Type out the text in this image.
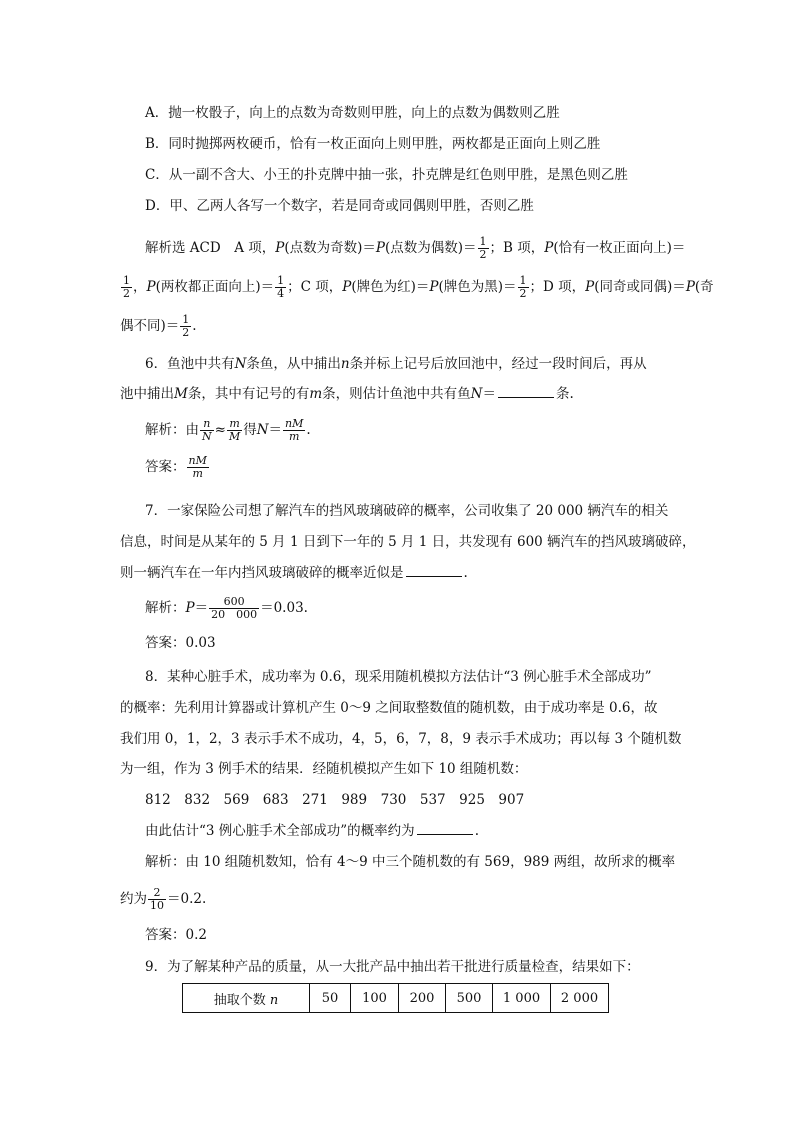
A．抛一枚骰子，向上的点数为奇数则甲胜，向上的点数为偶数则乙胜
B．同时抛掷两枚硬币，恰有一枚正面向上则甲胜，两枚都是正面向上则乙胜
C．从一副不含大、小王的扑克牌中抽一张，扑克牌是红色则甲胜，是黑色则乙胜
D．甲、乙两人各写一个数字，若是同奇或同偶则甲胜，否则乙胜
解析选 ACD　A 项，P(点数为奇数)＝P(点数为偶数)＝ $\frac{1}{2}$ ；B 项，P(恰有一枚正面向上)＝
$\frac{1}{2}$ ，P(两枚都正面向上)＝ $\frac{1}{4}$ ；C 项，P(牌色为红)＝P(牌色为黑)＝ $\frac{1}{2}$ ；D 项，P(同奇或同偶)＝P(奇
偶不同)＝ $\frac{1}{2}$ .
6．鱼池中共有N条鱼，从中捕出n条并标上记号后放回池中，经过一段时间后，再从
池中捕出M条，其中有记号的有m条，则估计鱼池中共有鱼N＝	条.
解析：由 $\frac{n}{N} \approx \frac{m}{M}$ 得$N= \frac{nM}{m}$ .
答案： $\frac{nM}{m}$
7．一家保险公司想了解汽车的挡风玻璃破碎的概率，公司收集了 20 000 辆汽车的相关
信息，时间是从某年的 5 月 1 日到下一年的 5 月 1 日，共发现有 600 辆汽车的挡风玻璃破碎，
则一辆汽车在一年内挡风玻璃破碎的概率近似是	.
解析：$P= \frac{600}{20 000} =0.03$.
答案：0.03
8．某种心脏手术，成功率为 0.6，现采用随机模拟方法估计“3 例心脏手术全部成功”
的概率：先利用计算器或计算机产生 0～9 之间取整数值的随机数，由于成功率是 0.6，故
我们用 0，1，2，3 表示手术不成功，4，5，6，7，8，9 表示手术成功；再以每 3 个随机数
为一组，作为 3 例手术的结果．经随机模拟产生如下 10 组随机数：
812　832　569　683　271　989　730　537　925　907
由此估计“3 例心脏手术全部成功”的概率约为	.
解析：由 10 组随机数知，恰有 4～9 中三个随机数的有 569，989 两组，故所求的概率
约为 $\frac{2}{10} =0.2$.
答案：0.2
9．为了解某种产品的质量，从一大批产品中抽出若干批进行质量检查，结果如下：
抽取个数 n	50	100	200	500	1 000	2 000
